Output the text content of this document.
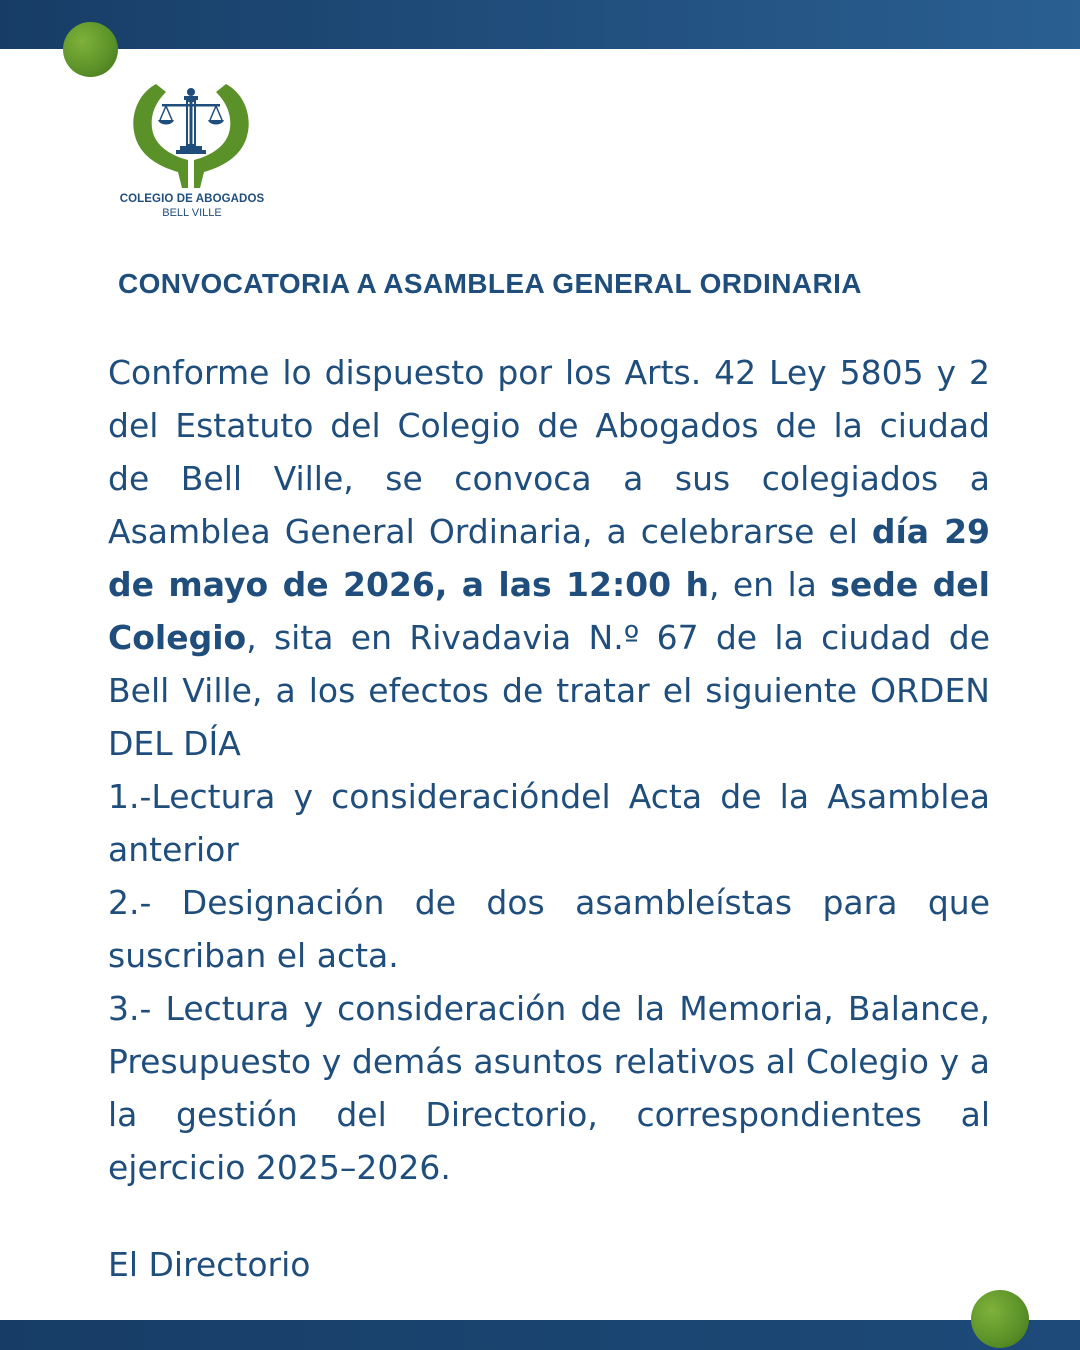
COLEGIO DE ABOGADOS
BELL VILLE
CONVOCATORIA A ASAMBLEA GENERAL ORDINARIA

Conforme lo dispuesto por los Arts. 42 Ley 5805 y 2 del Estatuto del Colegio de Abogados de la ciudad de Bell Ville, se convoca a sus colegiados a Asamblea General Ordinaria, a celebrarse el día 29 de mayo de 2026, a las 12:00 h, en la sede del Colegio, sita en Rivadavia N.º 67 de la ciudad de Bell Ville, a los efectos de tratar el siguiente ORDEN DEL DÍA

1.-Lectura y consideracióndel Acta de la Asamblea anterior

2.- Designación de dos asambleístas para que suscriban el acta.

3.- Lectura y consideración de la Memoria, Balance, Presupuesto y demás asuntos relativos al Colegio y a la gestión del Directorio, correspondientes al ejercicio 2025–2026.

El Directorio
